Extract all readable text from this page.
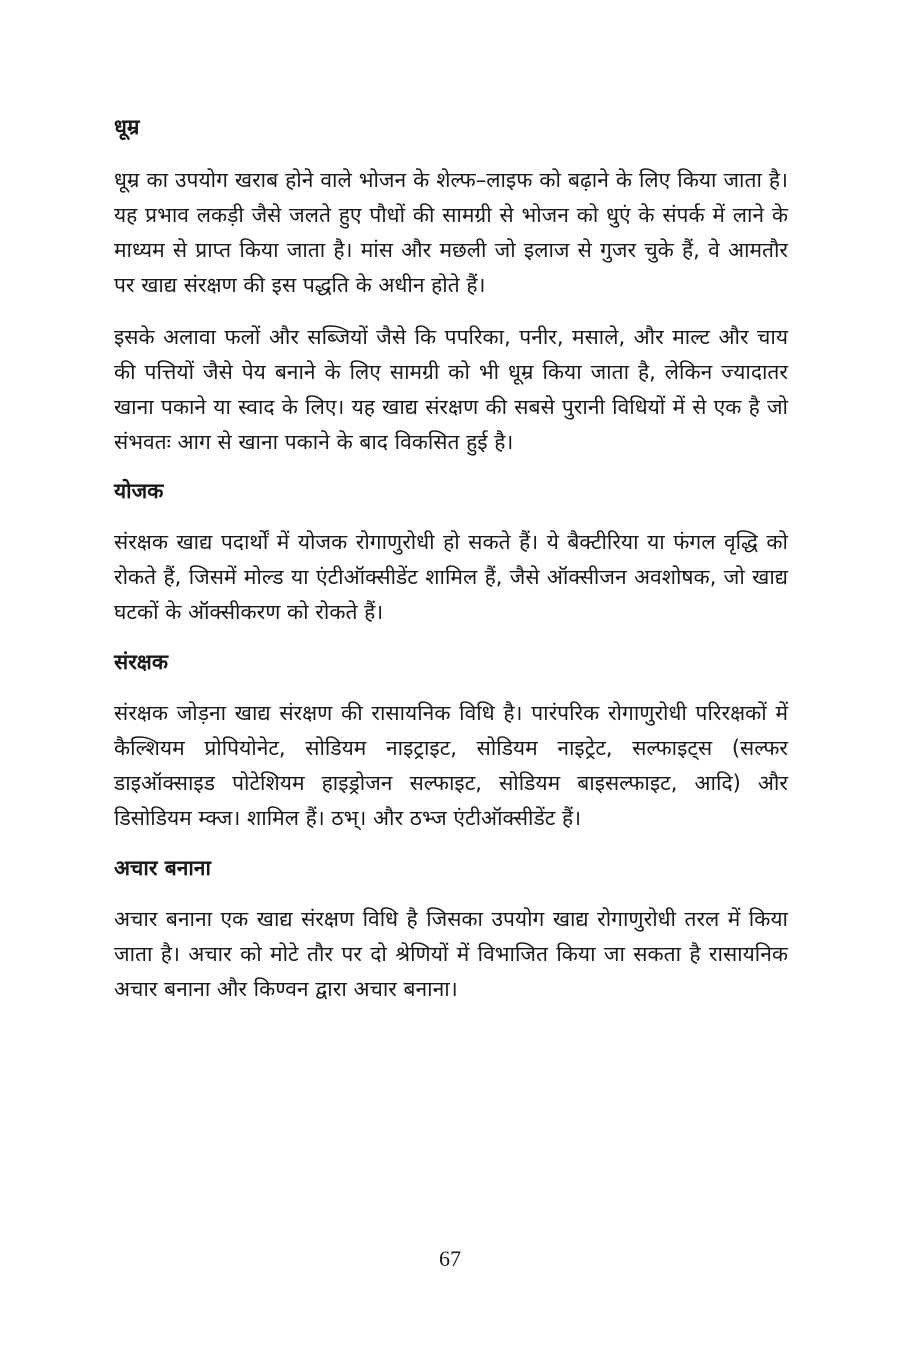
धूम्र

धूम्र का उपयोग खराब होने वाले भोजन के शेल्फ–लाइफ को बढ़ाने के लिए किया जाता है। यह प्रभाव लकड़ी जैसे जलते हुए पौधों की सामग्री से भोजन को धुएं के संपर्क में लाने के माध्यम से प्राप्त किया जाता है। मांस और मछली जो इलाज से गुजर चुके हैं, वे आमतौर पर खाद्य संरक्षण की इस पद्धति के अधीन होते हैं।

इसके अलावा फलों और सब्जियों जैसे कि पपरिका, पनीर, मसाले, और माल्ट और चाय की पत्तियों जैसे पेय बनाने के लिए सामग्री को भी धूम्र किया जाता है, लेकिन ज्यादातर खाना पकाने या स्वाद के लिए। यह खाद्य संरक्षण की सबसे पुरानी विधियों में से एक है जो संभवतः आग से खाना पकाने के बाद विकसित हुई है।

योजक

संरक्षक खाद्य पदार्थों में योजक रोगाणुरोधी हो सकते हैं। ये बैक्टीरिया या फंगल वृद्धि को रोकते हैं, जिसमें मोल्ड या एंटीऑक्सीडेंट शामिल हैं, जैसे ऑक्सीजन अवशोषक, जो खाद्य घटकों के ऑक्सीकरण को रोकते हैं।

संरक्षक

संरक्षक जोड़ना खाद्य संरक्षण की रासायनिक विधि है। पारंपरिक रोगाणुरोधी परिरक्षकों में कैल्शियम प्रोपियोनेट, सोडियम नाइट्राइट, सोडियम नाइट्रेट, सल्फाइट्स (सल्फर डाइऑक्साइड पोटेशियम हाइड्रोजन सल्फाइट, सोडियम बाइसल्फाइट, आदि) और डिसोडियम म्क्ज। शामिल हैं। ठभ्। और ठभ्ज एंटीऑक्सीडेंट हैं।

अचार बनाना

अचार बनाना एक खाद्य संरक्षण विधि है जिसका उपयोग खाद्य रोगाणुरोधी तरल में किया जाता है। अचार को मोटे तौर पर दो श्रेणियों में विभाजित किया जा सकता है रासायनिक अचार बनाना और किण्वन द्वारा अचार बनाना।

67
